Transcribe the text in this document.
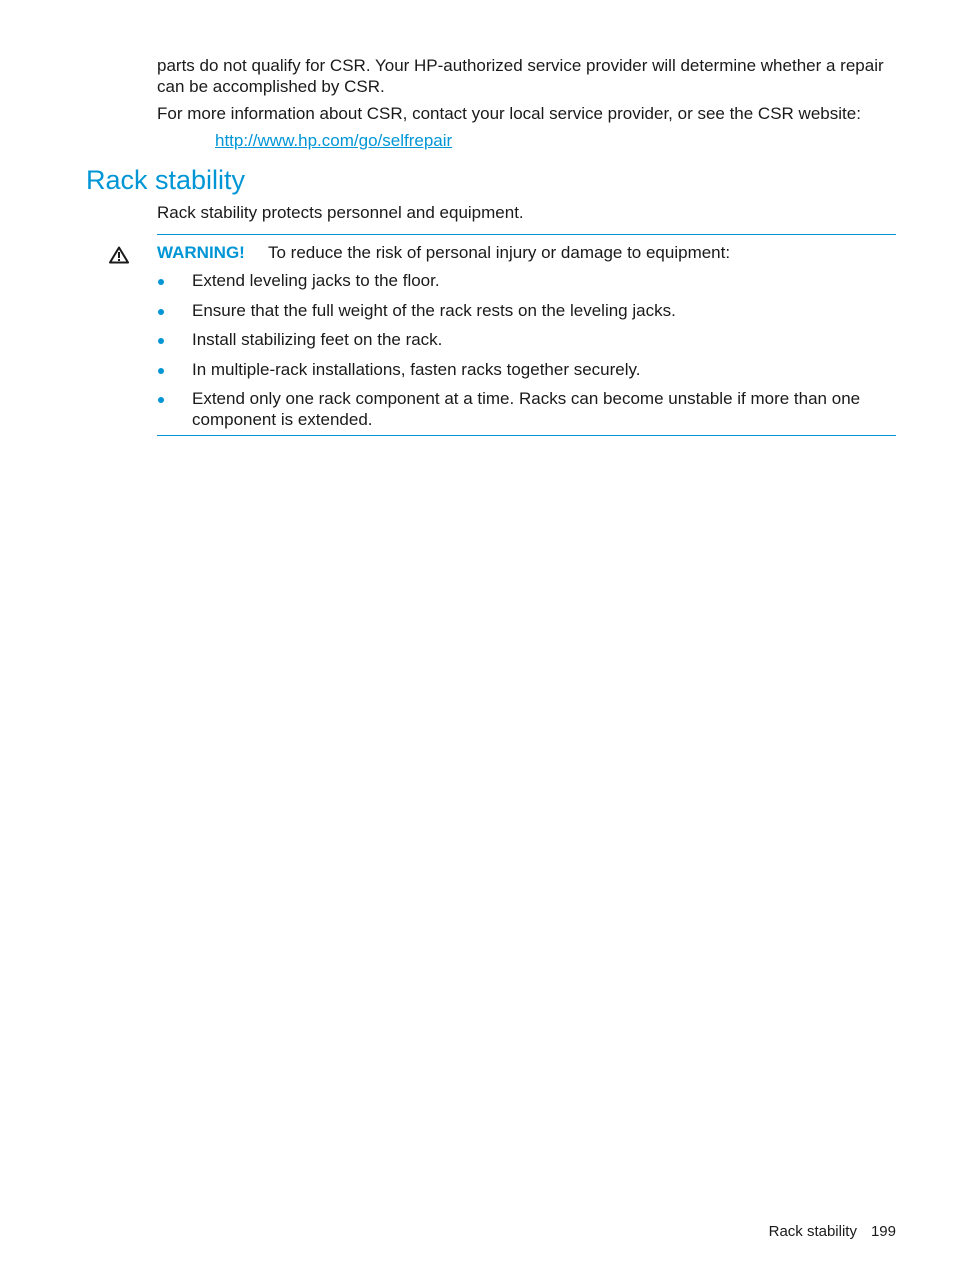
parts do not qualify for CSR. Your HP-authorized service provider will determine whether a repair can be accomplished by CSR.
For more information about CSR, contact your local service provider, or see the CSR website:
http://www.hp.com/go/selfrepair
Rack stability
Rack stability protects personnel and equipment.
WARNING! To reduce the risk of personal injury or damage to equipment:
Extend leveling jacks to the floor.
Ensure that the full weight of the rack rests on the leveling jacks.
Install stabilizing feet on the rack.
In multiple-rack installations, fasten racks together securely.
Extend only one rack component at a time. Racks can become unstable if more than one component is extended.
Rack stability 199
